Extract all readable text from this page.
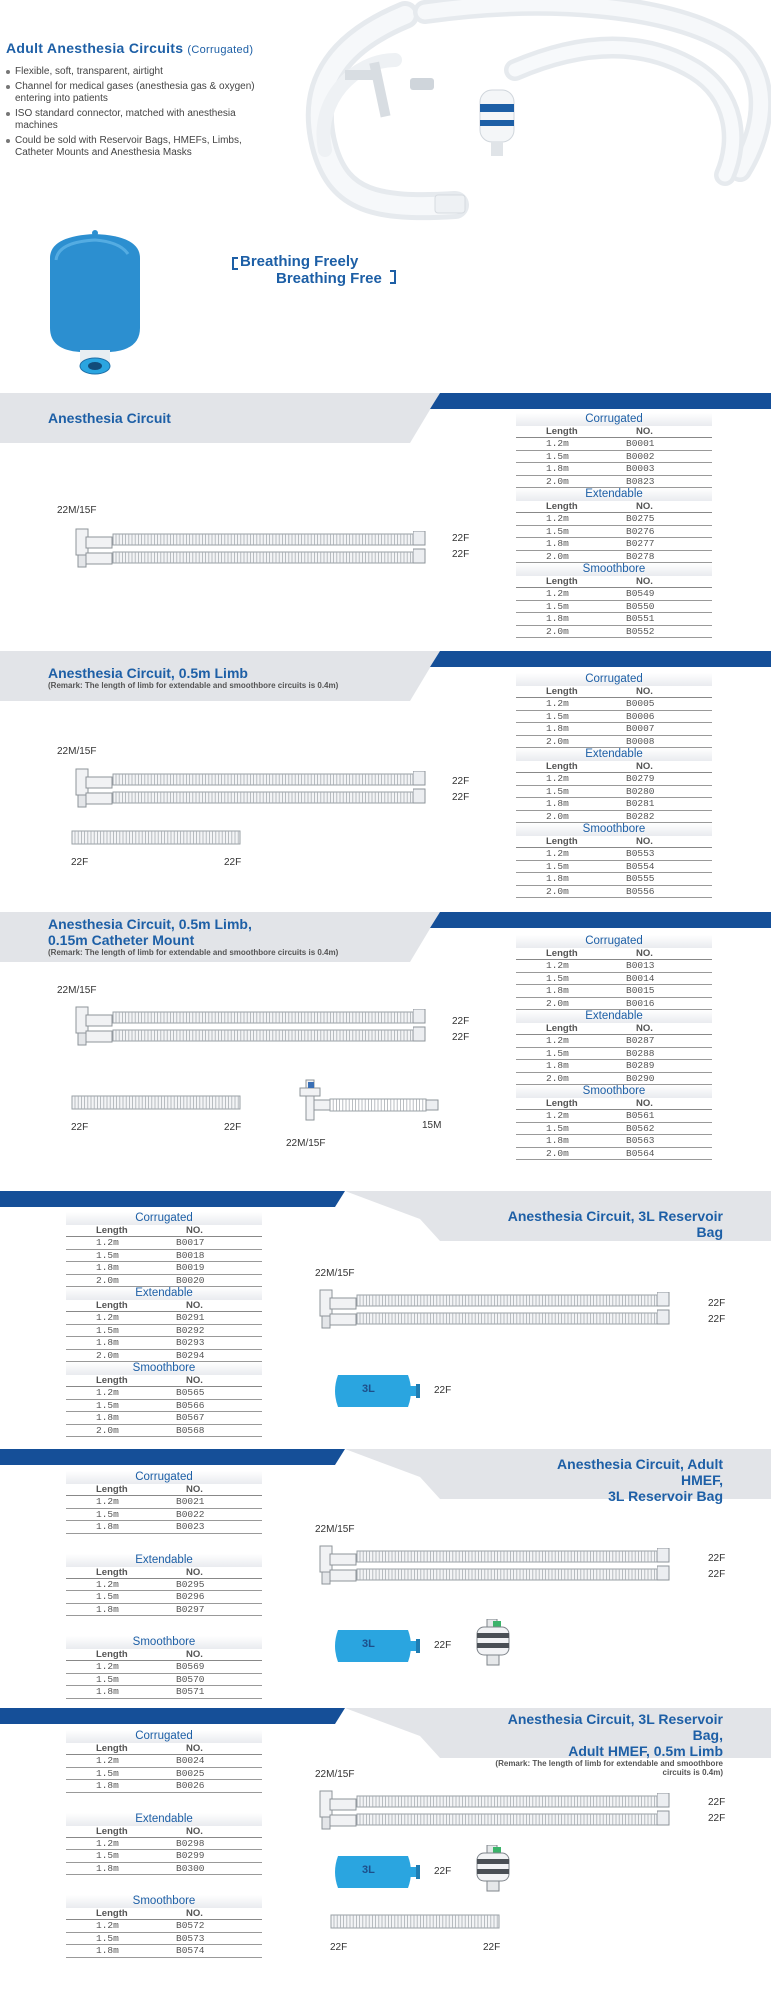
Adult Anesthesia Circuits (Corrugated)
Flexible, soft, transparent, airtight
Channel for medical gases (anesthesia gas & oxygen) entering into patients
ISO standard connector, matched with anesthesia machines
Could be sold with Reservoir Bags, HMEFs, Limbs, Catheter Mounts and Anesthesia Masks
Breathing Freely
Breathing Free
Anesthesia Circuit	Corrugated
Length	NO.
1.2m	B0001
1.5m	B0002
1.8m	B0003
2.0m	B0823
Extendable
Length	NO.
1.2m	B0275
1.5m	B0276
1.8m	B0277
2.0m	B0278
Smoothbore
Length	NO.
1.2m	B0549
1.5m	B0550
1.8m	B0551
2.0m	B0552
Anesthesia Circuit, 0.5m Limb
(Remark: The length of limb for extendable and smoothbore circuits is 0.4m)
Corrugated
Length	NO.
1.2m	B0005
1.5m	B0006
1.8m	B0007
2.0m	B0008
Extendable
Length	NO.
1.2m	B0279
1.5m	B0280
1.8m	B0281
2.0m	B0282
Smoothbore
Length	NO.
1.2m	B0553
1.5m	B0554
1.8m	B0555
2.0m	B0556
Anesthesia Circuit, 0.5m Limb,
0.15m Catheter Mount
(Remark: The length of limb for extendable and smoothbore circuits is 0.4m)
Corrugated
Length	NO.
1.2m	B0013
1.5m	B0014
1.8m	B0015
2.0m	B0016
Extendable
Length	NO.
1.2m	B0287
1.5m	B0288
1.8m	B0289
2.0m	B0290
Smoothbore
Length	NO.
1.2m	B0561
1.5m	B0562
1.8m	B0563
2.0m	B0564
Anesthesia Circuit, 3L Reservoir Bag
Corrugated
Length	NO.
1.2m	B0017
1.5m	B0018
1.8m	B0019
2.0m	B0020
Extendable
Length	NO.
1.2m	B0291
1.5m	B0292
1.8m	B0293
2.0m	B0294
Smoothbore
Length	NO.
1.2m	B0565
1.5m	B0566
1.8m	B0567
2.0m	B0568
Anesthesia Circuit, Adult HMEF,
3L Reservoir Bag
Corrugated
Length	NO.
1.2m	B0021
1.5m	B0022
1.8m	B0023
Extendable
Length	NO.
1.2m	B0295
1.5m	B0296
1.8m	B0297
Smoothbore
Length	NO.
1.2m	B0569
1.5m	B0570
1.8m	B0571
Anesthesia Circuit, 3L Reservoir Bag,
Adult HMEF, 0.5m Limb
(Remark: The length of limb for extendable and smoothbore circuits is 0.4m)
Corrugated
Length	NO.
1.2m	B0024
1.5m	B0025
1.8m	B0026
Extendable
Length	NO.
1.2m	B0298
1.5m	B0299
1.8m	B0300
Smoothbore
Length	NO.
1.2m	B0572
1.5m	B0573
1.8m	B0574
22M/15F
22F
22F
22M/15F
22F
22F
22F	22F
22M/15F
22F
22F
22F	22F	15M
22M/15F
22M/15F
22F
22F
3L	22F
22M/15F
22F
22F
3L	22F
22M/15F
22F
22F
3L	22F
22F	22F
